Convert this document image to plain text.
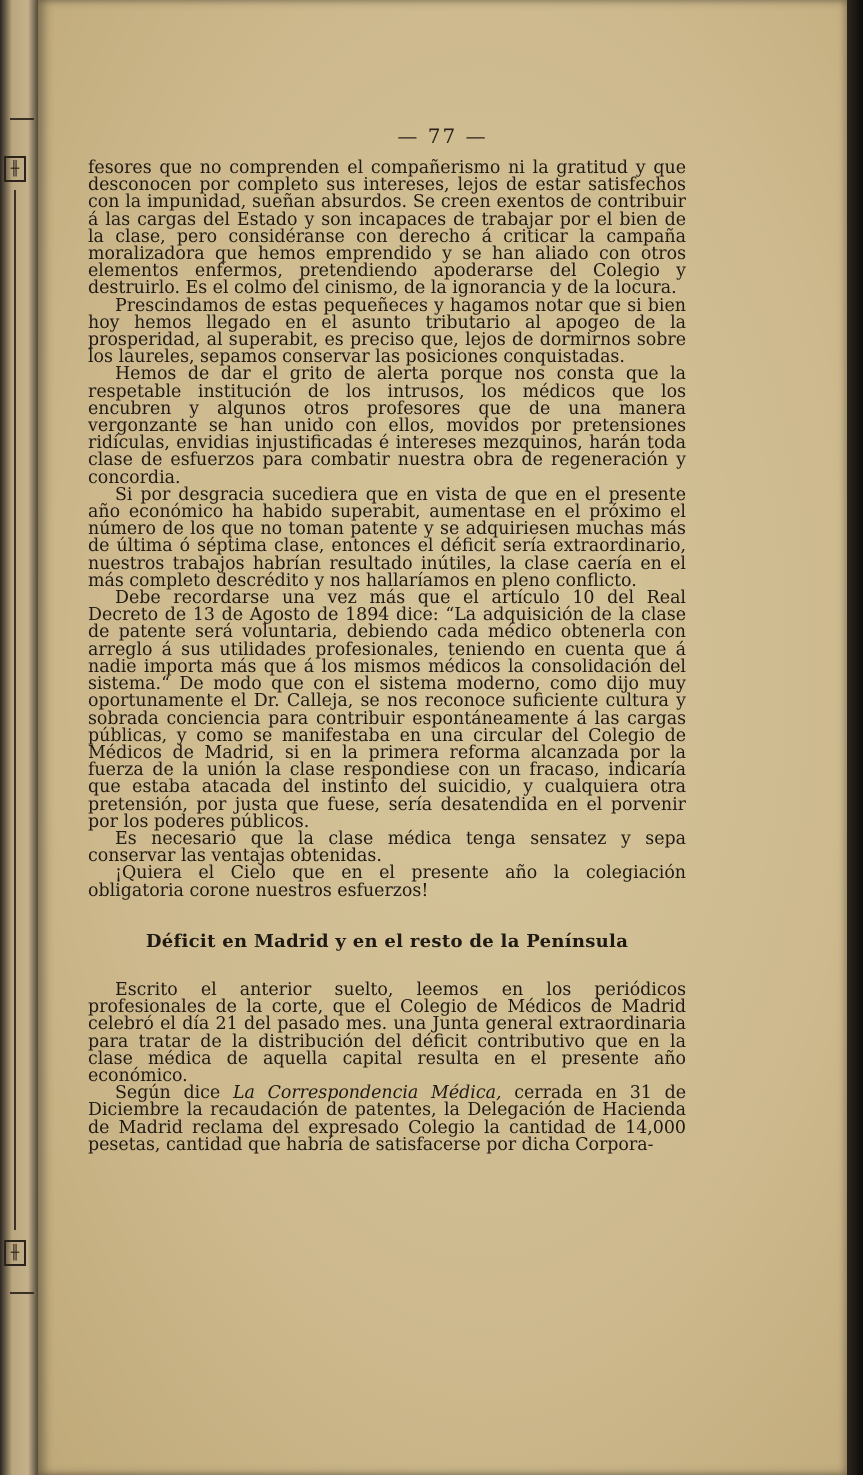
╫
╫
— 77 —

fesores que no comprenden el compañerismo ni la gratitud y que desconocen por completo sus intereses, lejos de estar satisfechos con la impunidad, sueñan absurdos. Se creen exentos de contribuir á las cargas del Estado y son incapaces de trabajar por el bien de la clase, pero considéranse con derecho á criticar la campaña moralizadora que hemos emprendido y se han aliado con otros elementos enfermos, pretendiendo apoderarse del Colegio y destruirlo. Es el colmo del cinismo, de la ignorancia y de la locura.

Prescindamos de estas pequeñeces y hagamos notar que si bien hoy hemos llegado en el asunto tributario al apogeo de la prosperidad, al superabit, es preciso que, lejos de dormirnos sobre los laureles, sepamos conservar las posiciones conquistadas.

Hemos de dar el grito de alerta porque nos consta que la respetable institución de los intrusos, los médicos que los encubren y algunos otros profesores que de una manera vergonzante se han unido con ellos, movidos por pretensiones ridículas, envidias injustificadas é intereses mezquinos, harán toda clase de esfuerzos para combatir nuestra obra de regeneración y concordia.

Si por desgracia sucediera que en vista de que en el presente año económico ha habido superabit, aumentase en el próximo el número de los que no toman patente y se adquiriesen muchas más de última ó séptima clase, entonces el déficit sería extraordinario, nuestros trabajos habrían resultado inútiles, la clase caería en el más completo descrédito y nos hallaríamos en pleno conflicto.

Debe recordarse una vez más que el artículo 10 del Real Decreto de 13 de Agosto de 1894 dice: “La adquisición de la clase de patente será voluntaria, debiendo cada médico obtenerla con arreglo á sus utilidades profesionales, teniendo en cuenta que á nadie importa más que á los mismos médicos la consolidación del sistema.“ De modo que con el sistema moderno, como dijo muy oportunamente el Dr. Calleja, se nos reconoce suficiente cultura y sobrada conciencia para contribuir espontáneamente á las cargas públicas, y como se manifestaba en una circular del Colegio de Médicos de Madrid, si en la primera reforma alcanzada por la fuerza de la unión la clase respondiese con un fracaso, indicaría que estaba atacada del instinto del suicidio, y cualquiera otra pretensión, por justa que fuese, sería desatendida en el porvenir por los poderes públicos.

Es necesario que la clase médica tenga sensatez y sepa conservar las ventajas obtenidas.

¡Quiera el Cielo que en el presente año la colegiación obligatoria corone nuestros esfuerzos!

Déficit en Madrid y en el resto de la Península

Escrito el anterior suelto, leemos en los periódicos profesionales de la corte, que el Colegio de Médicos de Madrid celebró el día 21 del pasado mes. una Junta general extraordinaria para tratar de la distribución del déficit contributivo que en la clase médica de aquella capital resulta en el presente año económico.

Según dice La Correspondencia Médica, cerrada en 31 de Diciembre la recaudación de patentes, la Delegación de Hacienda de Madrid reclama del expresado Colegio la cantidad de 14,000 pesetas, cantidad que habría de satisfacerse por dicha Corpora-
